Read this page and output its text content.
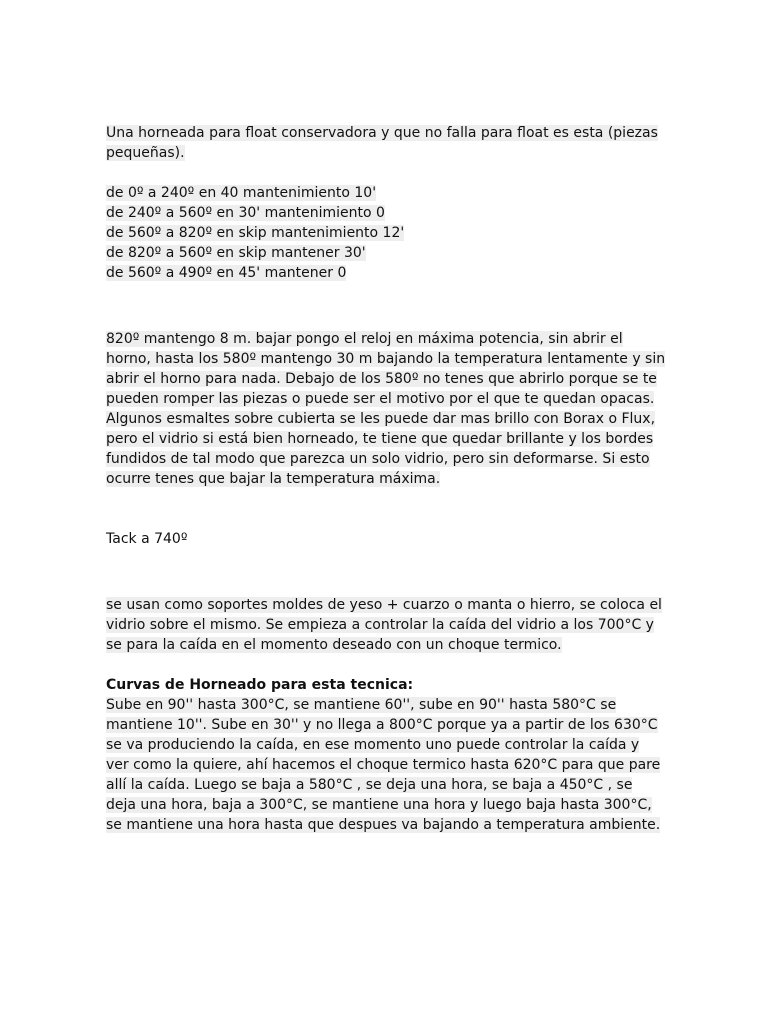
Una horneada para float conservadora y que no falla para float es esta (piezas pequeñas).

de 0º a 240º en 40 mantenimiento 10'
de 240º a 560º en 30' mantenimiento 0
de 560º a 820º en skip mantenimiento 12'
de 820º a 560º en skip mantener 30'
de 560º a 490º en 45' mantener 0

820º mantengo 8 m. bajar pongo el reloj en máxima potencia, sin abrir el horno, hasta los 580º mantengo 30 m bajando la temperatura lentamente y sin abrir el horno para nada. Debajo de los 580º no tenes que abrirlo porque se te pueden romper las piezas o puede ser el motivo por el que te quedan opacas. Algunos esmaltes sobre cubierta se les puede dar mas brillo con Borax o Flux, pero el vidrio si está bien horneado, te tiene que quedar brillante y los bordes fundidos de tal modo que parezca un solo vidrio, pero sin deformarse. Si esto ocurre tenes que bajar la temperatura máxima.

Tack a 740º

se usan como soportes moldes de yeso + cuarzo o manta o hierro, se coloca el vidrio sobre el mismo. Se empieza a controlar la caída del vidrio a los 700°C y se para la caída en el momento deseado con un choque termico.

Curvas de Horneado para esta tecnica:

Sube en 90'' hasta 300°C, se mantiene 60'', sube en 90'' hasta 580°C se mantiene 10''. Sube en 30'' y no llega a 800°C porque ya a partir de los 630°C se va produciendo la caída, en ese momento uno puede controlar la caída y ver como la quiere, ahí hacemos el choque termico hasta 620°C para que pare allí la caída. Luego se baja a 580°C , se deja una hora, se baja a 450°C , se deja una hora, baja a 300°C, se mantiene una hora y luego baja hasta 300°C, se mantiene una hora hasta que despues va bajando a temperatura ambiente.
